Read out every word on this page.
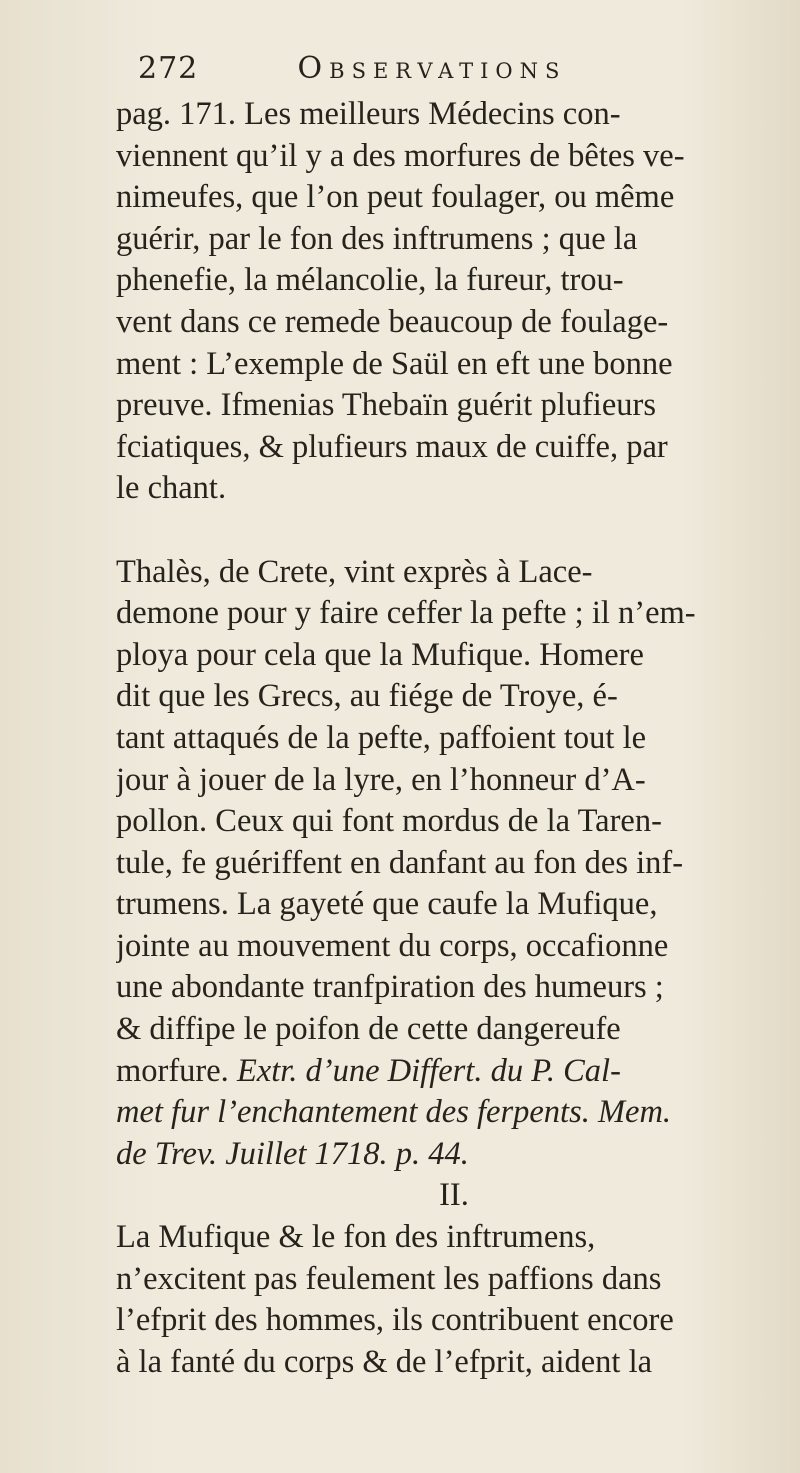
272	Observations
pag. 171. Les meilleurs Médecins con-
viennent qu’il y a des morfures de bêtes ve-
nimeufes, que l’on peut foulager, ou même
guérir, par le fon des inftrumens ; que la
phenefie, la mélancolie, la fureur, trou-
vent dans ce remede beaucoup de foulage-
ment : L’exemple de Saül en eft une bonne
preuve. Ifmenias Thebaïn guérit plufieurs
fciatiques, & plufieurs maux de cuiffe, par
le chant.
Thalès, de Crete, vint exprès à Lace-
demone pour y faire ceffer la pefte ; il n’em-
ploya pour cela que la Mufique. Homere
dit que les Grecs, au fiége de Troye, é-
tant attaqués de la pefte, paffoient tout le
jour à jouer de la lyre, en l’honneur d’A-
pollon. Ceux qui font mordus de la Taren-
tule, fe guériffent en danfant au fon des inf-
trumens. La gayeté que caufe la Mufique,
jointe au mouvement du corps, occafionne
une abondante tranfpiration des humeurs ;
& diffipe le poifon de cette dangereufe
morfure. Extr. d’une Differt. du P. Cal-
met fur l’enchantement des ferpents. Mem.
de Trev. Juillet 1718. p. 44.
II.
La Mufique & le fon des inftrumens,
n’excitent pas feulement les paffions dans
l’efprit des hommes, ils contribuent encore
à la fanté du corps & de l’efprit, aident la
